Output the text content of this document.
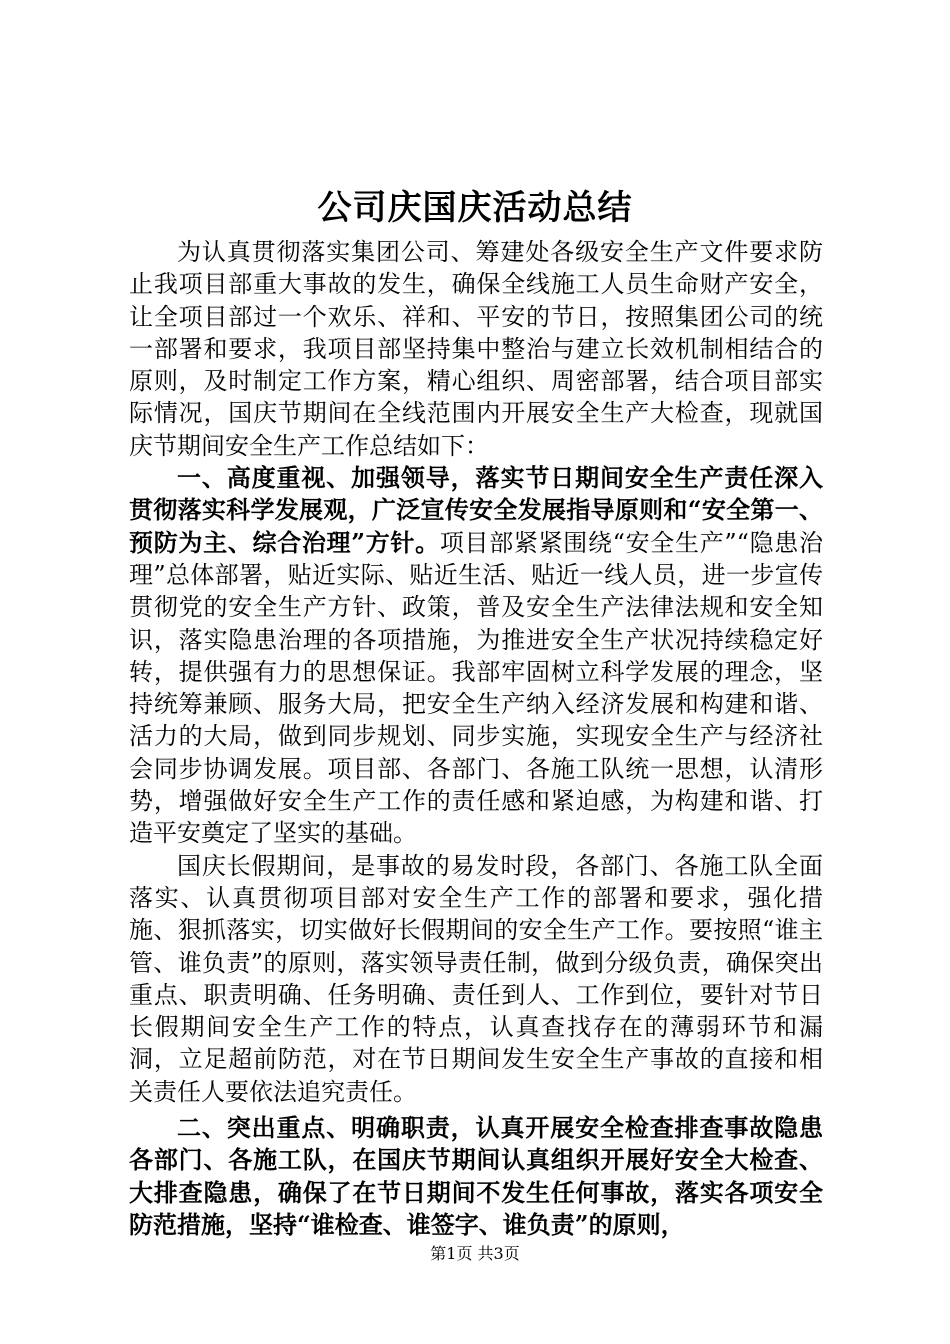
公司庆国庆活动总结

为认真贯彻落实集团公司、筹建处各级安全生产文件要求防止我项目部重大事故的发生，确保全线施工人员生命财产安全，让全项目部过一个欢乐、祥和、平安的节日，按照集团公司的统一部署和要求，我项目部坚持集中整治与建立长效机制相结合的原则，及时制定工作方案，精心组织、周密部署，结合项目部实际情况，国庆节期间在全线范围内开展安全生产大检查，现就国庆节期间安全生产工作总结如下：

一、高度重视、加强领导，落实节日期间安全生产责任深入贯彻落实科学发展观，广泛宣传安全发展指导原则和“安全第一、预防为主、综合治理”方针。项目部紧紧围绕“安全生产”“隐患治理”总体部署，贴近实际、贴近生活、贴近一线人员，进一步宣传贯彻党的安全生产方针、政策，普及安全生产法律法规和安全知识，落实隐患治理的各项措施，为推进安全生产状况持续稳定好转，提供强有力的思想保证。我部牢固树立科学发展的理念，坚持统筹兼顾、服务大局，把安全生产纳入经济发展和构建和谐、活力的大局，做到同步规划、同步实施，实现安全生产与经济社会同步协调发展。项目部、各部门、各施工队统一思想，认清形势，增强做好安全生产工作的责任感和紧迫感，为构建和谐、打造平安奠定了坚实的基础。

国庆长假期间，是事故的易发时段，各部门、各施工队全面落实、认真贯彻项目部对安全生产工作的部署和要求，强化措施、狠抓落实，切实做好长假期间的安全生产工作。要按照“谁主管、谁负责”的原则，落实领导责任制，做到分级负责，确保突出重点、职责明确、任务明确、责任到人、工作到位，要针对节日长假期间安全生产工作的特点，认真查找存在的薄弱环节和漏洞，立足超前防范，对在节日期间发生安全生产事故的直接和相关责任人要依法追究责任。

二、突出重点、明确职责，认真开展安全检查排查事故隐患各部门、各施工队，在国庆节期间认真组织开展好安全大检查、大排查隐患，确保了在节日期间不发生任何事故，落实各项安全防范措施，坚持“谁检查、谁签字、谁负责”的原则，

第1页 共3页
